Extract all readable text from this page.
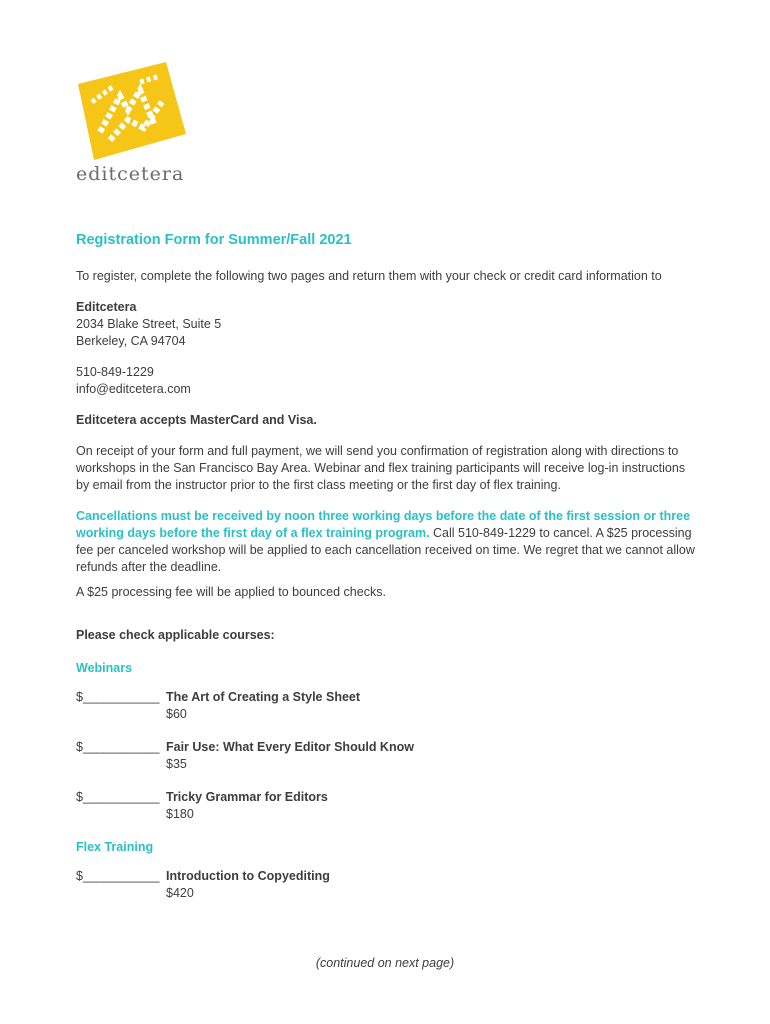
editcetera
Registration Form for Summer/Fall 2021

To register, complete the following two pages and return them with your check or credit card information to

Editcetera

2034 Blake Street, Suite 5

Berkeley, CA 94704

510-849-1229

info@editcetera.com

Editcetera accepts MasterCard and Visa.

On receipt of your form and full payment, we will send you confirmation of registration along with directions to workshops in the San Francisco Bay Area. Webinar and flex training participants will receive log-in instructions by email from the instructor prior to the first class meeting or the first day of flex training.

Cancellations must be received by noon three working days before the date of the first session or three working days before the first day of a flex training program. Call 510-849-1229 to cancel. A $25 processing fee per canceled workshop will be applied to each cancellation received on time. We regret that we cannot allow refunds after the deadline.

A $25 processing fee will be applied to bounced checks.

Please check applicable courses:

Webinars
$___________ The Art of Creating a Style Sheet
$60
$___________ Fair Use: What Every Editor Should Know
$35
$___________ Tricky Grammar for Editors
$180
Flex Training
$___________ Introduction to Copyediting
$420
(continued on next page)
